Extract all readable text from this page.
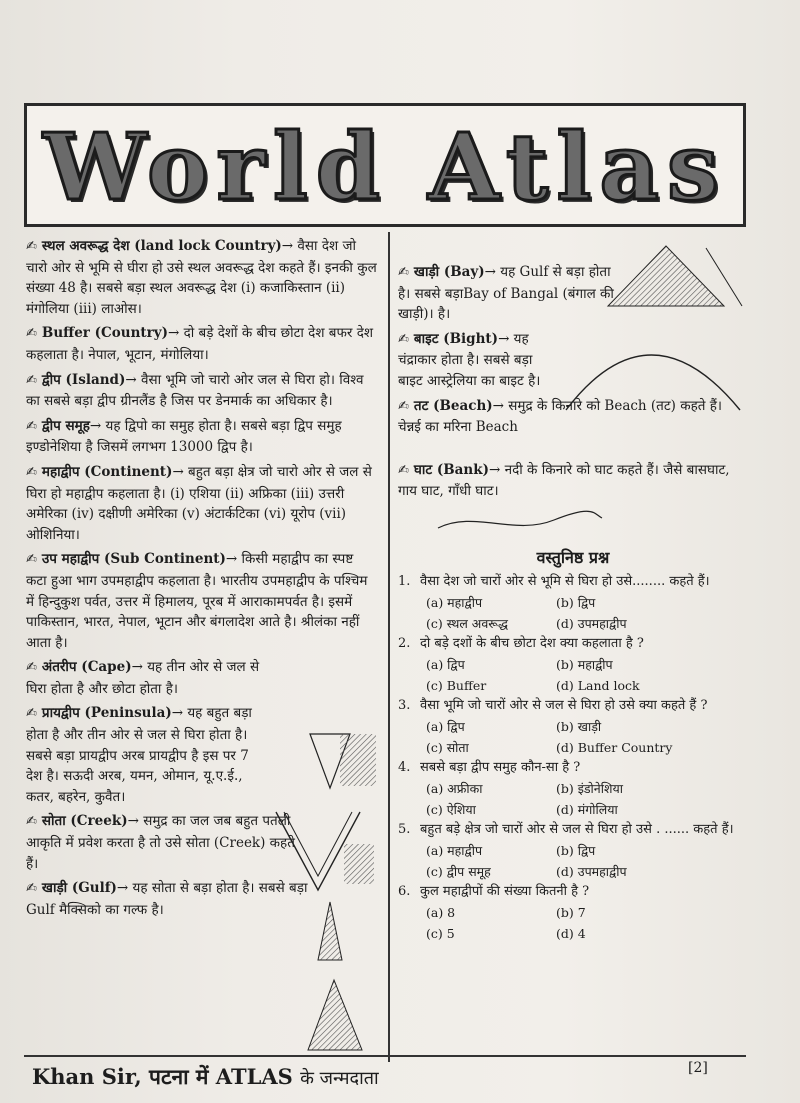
World Atlas
✍ स्थल अवरूद्ध देश (land lock Country)→ वैसा देश जो चारो ओर से भूमि से घीरा हो उसे स्थल अवरूद्ध देश कहते हैं। इनकी कुल संख्या 48 है। सबसे बड़ा स्थल अवरूद्ध देश (i) कजाकिस्तान (ii) मंगोलिया (iii) लाओस।
✍ Buffer (Country)→ दो बड़े देशों के बीच छोटा देश बफर देश कहलाता है। नेपाल, भूटान, मंगोलिया।
✍ द्वीप (Island)→ वैसा भूमि जो चारो ओर जल से घिरा हो। विश्व का सबसे बड़ा द्वीप ग्रीनलैंड है जिस पर डेनमार्क का अधिकार है।
✍ द्वीप समूह→ यह द्विपो का समुह होता है। सबसे बड़ा द्विप समुह इण्डोनेशिया है जिसमें लगभग 13000 द्विप है।
✍ महाद्वीप (Continent)→ बहुत बड़ा क्षेत्र जो चारो ओर से जल से घिरा हो महाद्वीप कहलाता है। (i) एशिया (ii) अफ्रिका (iii) उत्तरी अमेरिका (iv) दक्षीणी अमेरिका (v) अंटार्कटिका (vi) यूरोप (vii) ओशिनिया।
✍ उप महाद्वीप (Sub Continent)→ किसी महाद्वीप का स्पष्ट कटा हुआ भाग उपमहाद्वीप कहलाता है। भारतीय उपमहाद्वीप के पश्चिम में हिन्दुकुश पर्वत, उत्तर में हिमालय, पूरब में आराकामपर्वत है। इसमें पाकिस्तान, भारत, नेपाल, भूटान और बंगलादेश आते है। श्रीलंका नहीं आता है।
✍ अंतरीप (Cape)→ यह तीन ओर से जल से घिरा होता है और छोटा होता है।
✍ प्रायद्वीप (Peninsula)→ यह बहुत बड़ा होता है और तीन ओर से जल से घिरा होता है। सबसे बड़ा प्रायद्वीप अरब प्रायद्वीप है इस पर 7 देश है। सऊदी अरब, यमन, ओमान, यू.ए.ई., कतर, बहरेन, कुवैत।
✍ सोता (Creek)→ समुद्र का जल जब बहुत पतली आकृति में प्रवेश करता है तो उसे सोता (Creek) कहते हैं।
✍ खाड़ी (Gulf)→ यह सोता से बड़ा होता है। सबसे बड़ा Gulf मैक्सिको का गल्फ है।
✍ खाड़ी (Bay)→ यह Gulf से बड़ा होता है। सबसे बड़ाBay of Bangal (बंगाल की खाड़ी)। है।
✍ बाइट (Bight)→ यह चंद्राकार होता है। सबसे बड़ा बाइट आस्ट्रेलिया का बाइट है।
✍ तट (Beach)→ समुद्र के किनारे को Beach (तट) कहते हैं। चेन्नई का मरिना Beach
✍ घाट (Bank)→ नदी के किनारे को घाट कहते हैं। जैसे बासघाट, गाय घाट, गाँधी घाट।
वस्तुनिष्ठ प्रश्न
1. वैसा देश जो चारों ओर से भूमि से घिरा हो उसे........ कहते हैं।
(a) महाद्वीप	(b) द्विप
(c) स्थल अवरूद्ध	(d) उपमहाद्वीप
2. दो बड़े दशों के बीच छोटा देश क्या कहलाता है ?
(a) द्विप	(b) महाद्वीप
(c) Buffer	(d) Land lock
3. वैसा भूमि जो चारों ओर से जल से घिरा हो उसे क्या कहते हैं ?
(a) द्विप	(b) खाड़ी
(c) सोता	(d) Buffer Country
4. सबसे बड़ा द्वीप समुह कौन-सा है ?
(a) अफ्रीका	(b) इंडोनेशिया
(c) ऐशिया	(d) मंगोलिया
5. बहुत बड़े क्षेत्र जो चारों ओर से जल से घिरा हो उसे . ...... कहते हैं।
(a) महाद्वीप	(b) द्विप
(c) द्वीप समूह	(d) उपमहाद्वीप
6. कुल महाद्वीपों की संख्या कितनी है ?
(a) 8	(b) 7
(c) 5	(d) 4
Khan Sir, पटना में ATLAS के जन्मदाता	[2]
